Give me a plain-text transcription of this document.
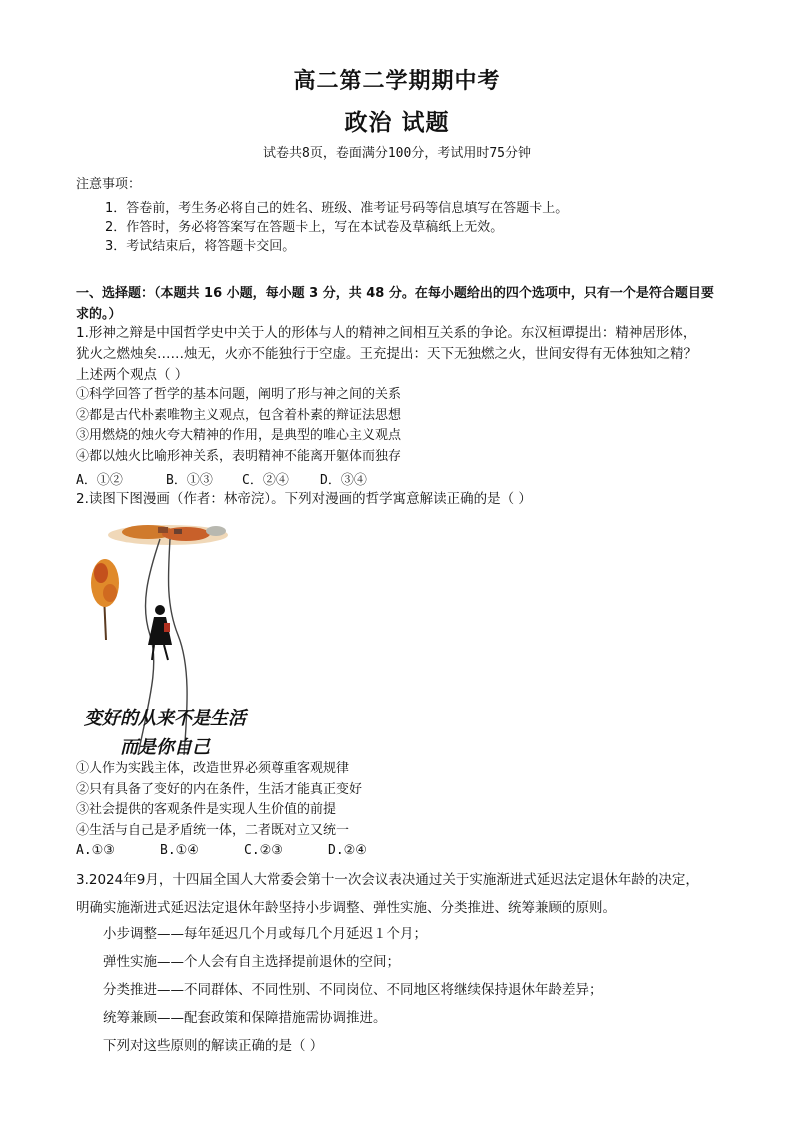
高二第二学期期中考
政治 试题
试卷共8页，卷面满分100分，考试用时75分钟
注意事项：
1．答卷前，考生务必将自己的姓名、班级、准考证号码等信息填写在答题卡上。
2．作答时，务必将答案写在答题卡上，写在本试卷及草稿纸上无效。
3．考试结束后，将答题卡交回。
一、选择题：（本题共 16 小题，每小题 3 分，共 48 分。在每小题给出的四个选项中，只有一个是符合题目要求的。）
1.形神之辩是中国哲学史中关于人的形体与人的精神之间相互关系的争论。东汉桓谭提出：精神居形体，
犹火之燃烛矣……烛无，火亦不能独行于空虚。王充提出：天下无独燃之火，世间安得有无体独知之精？
上述两个观点（ ）
①科学回答了哲学的基本问题，阐明了形与神之间的关系
②都是古代朴素唯物主义观点，包含着朴素的辩证法思想
③用燃烧的烛火夸大精神的作用，是典型的唯心主义观点
④都以烛火比喻形神关系，表明精神不能离开躯体而独存
A．①②	B．①③ C．②④ D．③④
2.读图下图漫画（作者：林帝浣）。下列对漫画的哲学寓意解读正确的是（ ）
变好的从来不是生活
而是你自己
①人作为实践主体，改造世界必须尊重客观规律
②只有具备了变好的内在条件，生活才能真正变好
③社会提供的客观条件是实现人生价值的前提
④生活与自己是矛盾统一体，二者既对立又统一
A.①③	B.①④	C.②③	D.②④
3.2024年9月，十四届全国人大常委会第十一次会议表决通过关于实施渐进式延迟法定退休年龄的决定，
明确实施渐进式延迟法定退休年龄坚持小步调整、弹性实施、分类推进、统筹兼顾的原则。
小步调整——每年延迟几个月或每几个月延迟１个月；
弹性实施——个人会有自主选择提前退休的空间；
分类推进——不同群体、不同性别、不同岗位、不同地区将继续保持退休年龄差异；
统筹兼顾——配套政策和保障措施需协调推进。
下列对这些原则的解读正确的是（ ）
